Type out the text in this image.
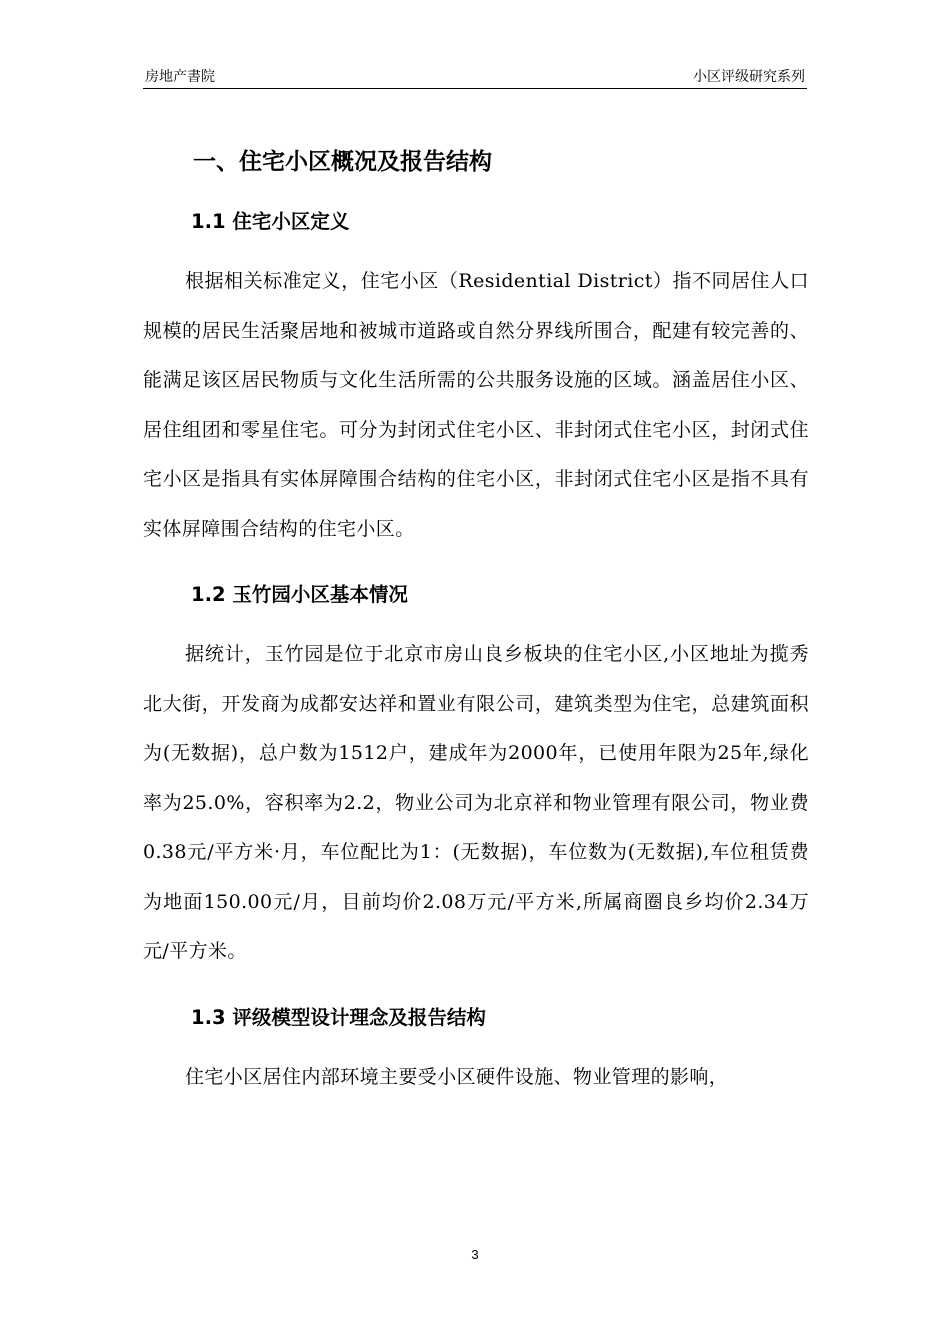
房地产書院	小区评级研究系列
一、住宅小区概况及报告结构
1.1 住宅小区定义

根据相关标准定义，住宅小区（Residential District）指不同居住人口规模的居民生活聚居地和被城市道路或自然分界线所围合，配建有较完善的、能满足该区居民物质与文化生活所需的公共服务设施的区域。涵盖居住小区、居住组团和零星住宅。可分为封闭式住宅小区、非封闭式住宅小区，封闭式住宅小区是指具有实体屏障围合结构的住宅小区，非封闭式住宅小区是指不具有实体屏障围合结构的住宅小区。

1.2 玉竹园小区基本情况

据统计，玉竹园是位于北京市房山良乡板块的住宅小区,小区地址为揽秀北大街，开发商为成都安达祥和置业有限公司，建筑类型为住宅，总建筑面积为(无数据)，总户数为1512户，建成年为2000年，已使用年限为25年,绿化率为25.0%，容积率为2.2，物业公司为北京祥和物业管理有限公司，物业费0.38元/平方米·月，车位配比为1：(无数据)，车位数为(无数据),车位租赁费为地面150.00元/月，目前均价2.08万元/平方米,所属商圈良乡均价2.34万元/平方米。

1.3 评级模型设计理念及报告结构

住宅小区居住内部环境主要受小区硬件设施、物业管理的影响，

3
